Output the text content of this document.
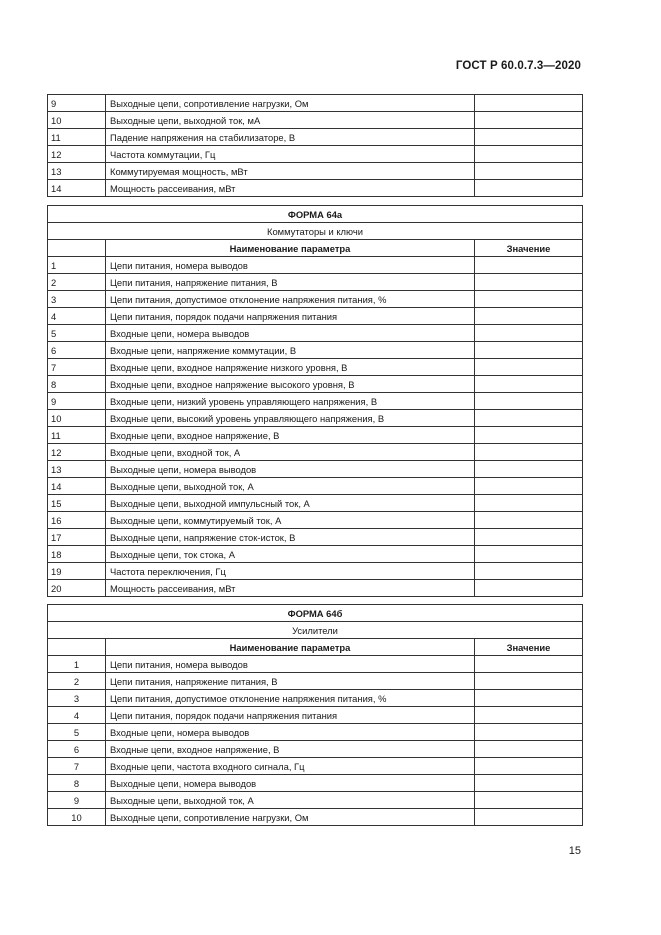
ГОСТ Р 60.0.7.3—2020
9	Выходные цепи, сопротивление нагрузки, Ом	
10	Выходные цепи, выходной ток, мА	
11	Падение напряжения на стабилизаторе, В	
12	Частота коммутации, Гц	
13	Коммутируемая мощность, мВт	
14	Мощность рассеивания, мВт	
ФОРМА 64а		
Коммутаторы и ключи		
	Наименование параметра	Значение
1	Цепи питания, номера выводов	
2	Цепи питания, напряжение питания, В	
3	Цепи питания, допустимое отклонение напряжения питания, %	
4	Цепи питания, порядок подачи напряжения питания	
5	Входные цепи, номера выводов	
6	Входные цепи, напряжение коммутации, В	
7	Входные цепи, входное напряжение низкого уровня, В	
8	Входные цепи, входное напряжение высокого уровня, В	
9	Входные цепи, низкий уровень управляющего напряжения, В	
10	Входные цепи, высокий уровень управляющего напряжения, В	
11	Входные цепи, входное напряжение, В	
12	Входные цепи, входной ток, А	
13	Выходные цепи, номера выводов	
14	Выходные цепи, выходной ток, А	
15	Выходные цепи, выходной импульсный ток, А	
16	Выходные цепи, коммутируемый ток, А	
17	Выходные цепи, напряжение сток-исток, В	
18	Выходные цепи, ток стока, А	
19	Частота переключения, Гц	
20	Мощность рассеивания, мВт	
ФОРМА 64б		
Усилители		
	Наименование параметра	Значение
1	Цепи питания, номера выводов	
2	Цепи питания, напряжение питания, В	
3	Цепи питания, допустимое отклонение напряжения питания, %	
4	Цепи питания, порядок подачи напряжения питания	
5	Входные цепи, номера выводов	
6	Входные цепи, входное напряжение, В	
7	Входные цепи, частота входного сигнала, Гц	
8	Выходные цепи, номера выводов	
9	Выходные цепи, выходной ток, А	
10	Выходные цепи, сопротивление нагрузки, Ом	
15
